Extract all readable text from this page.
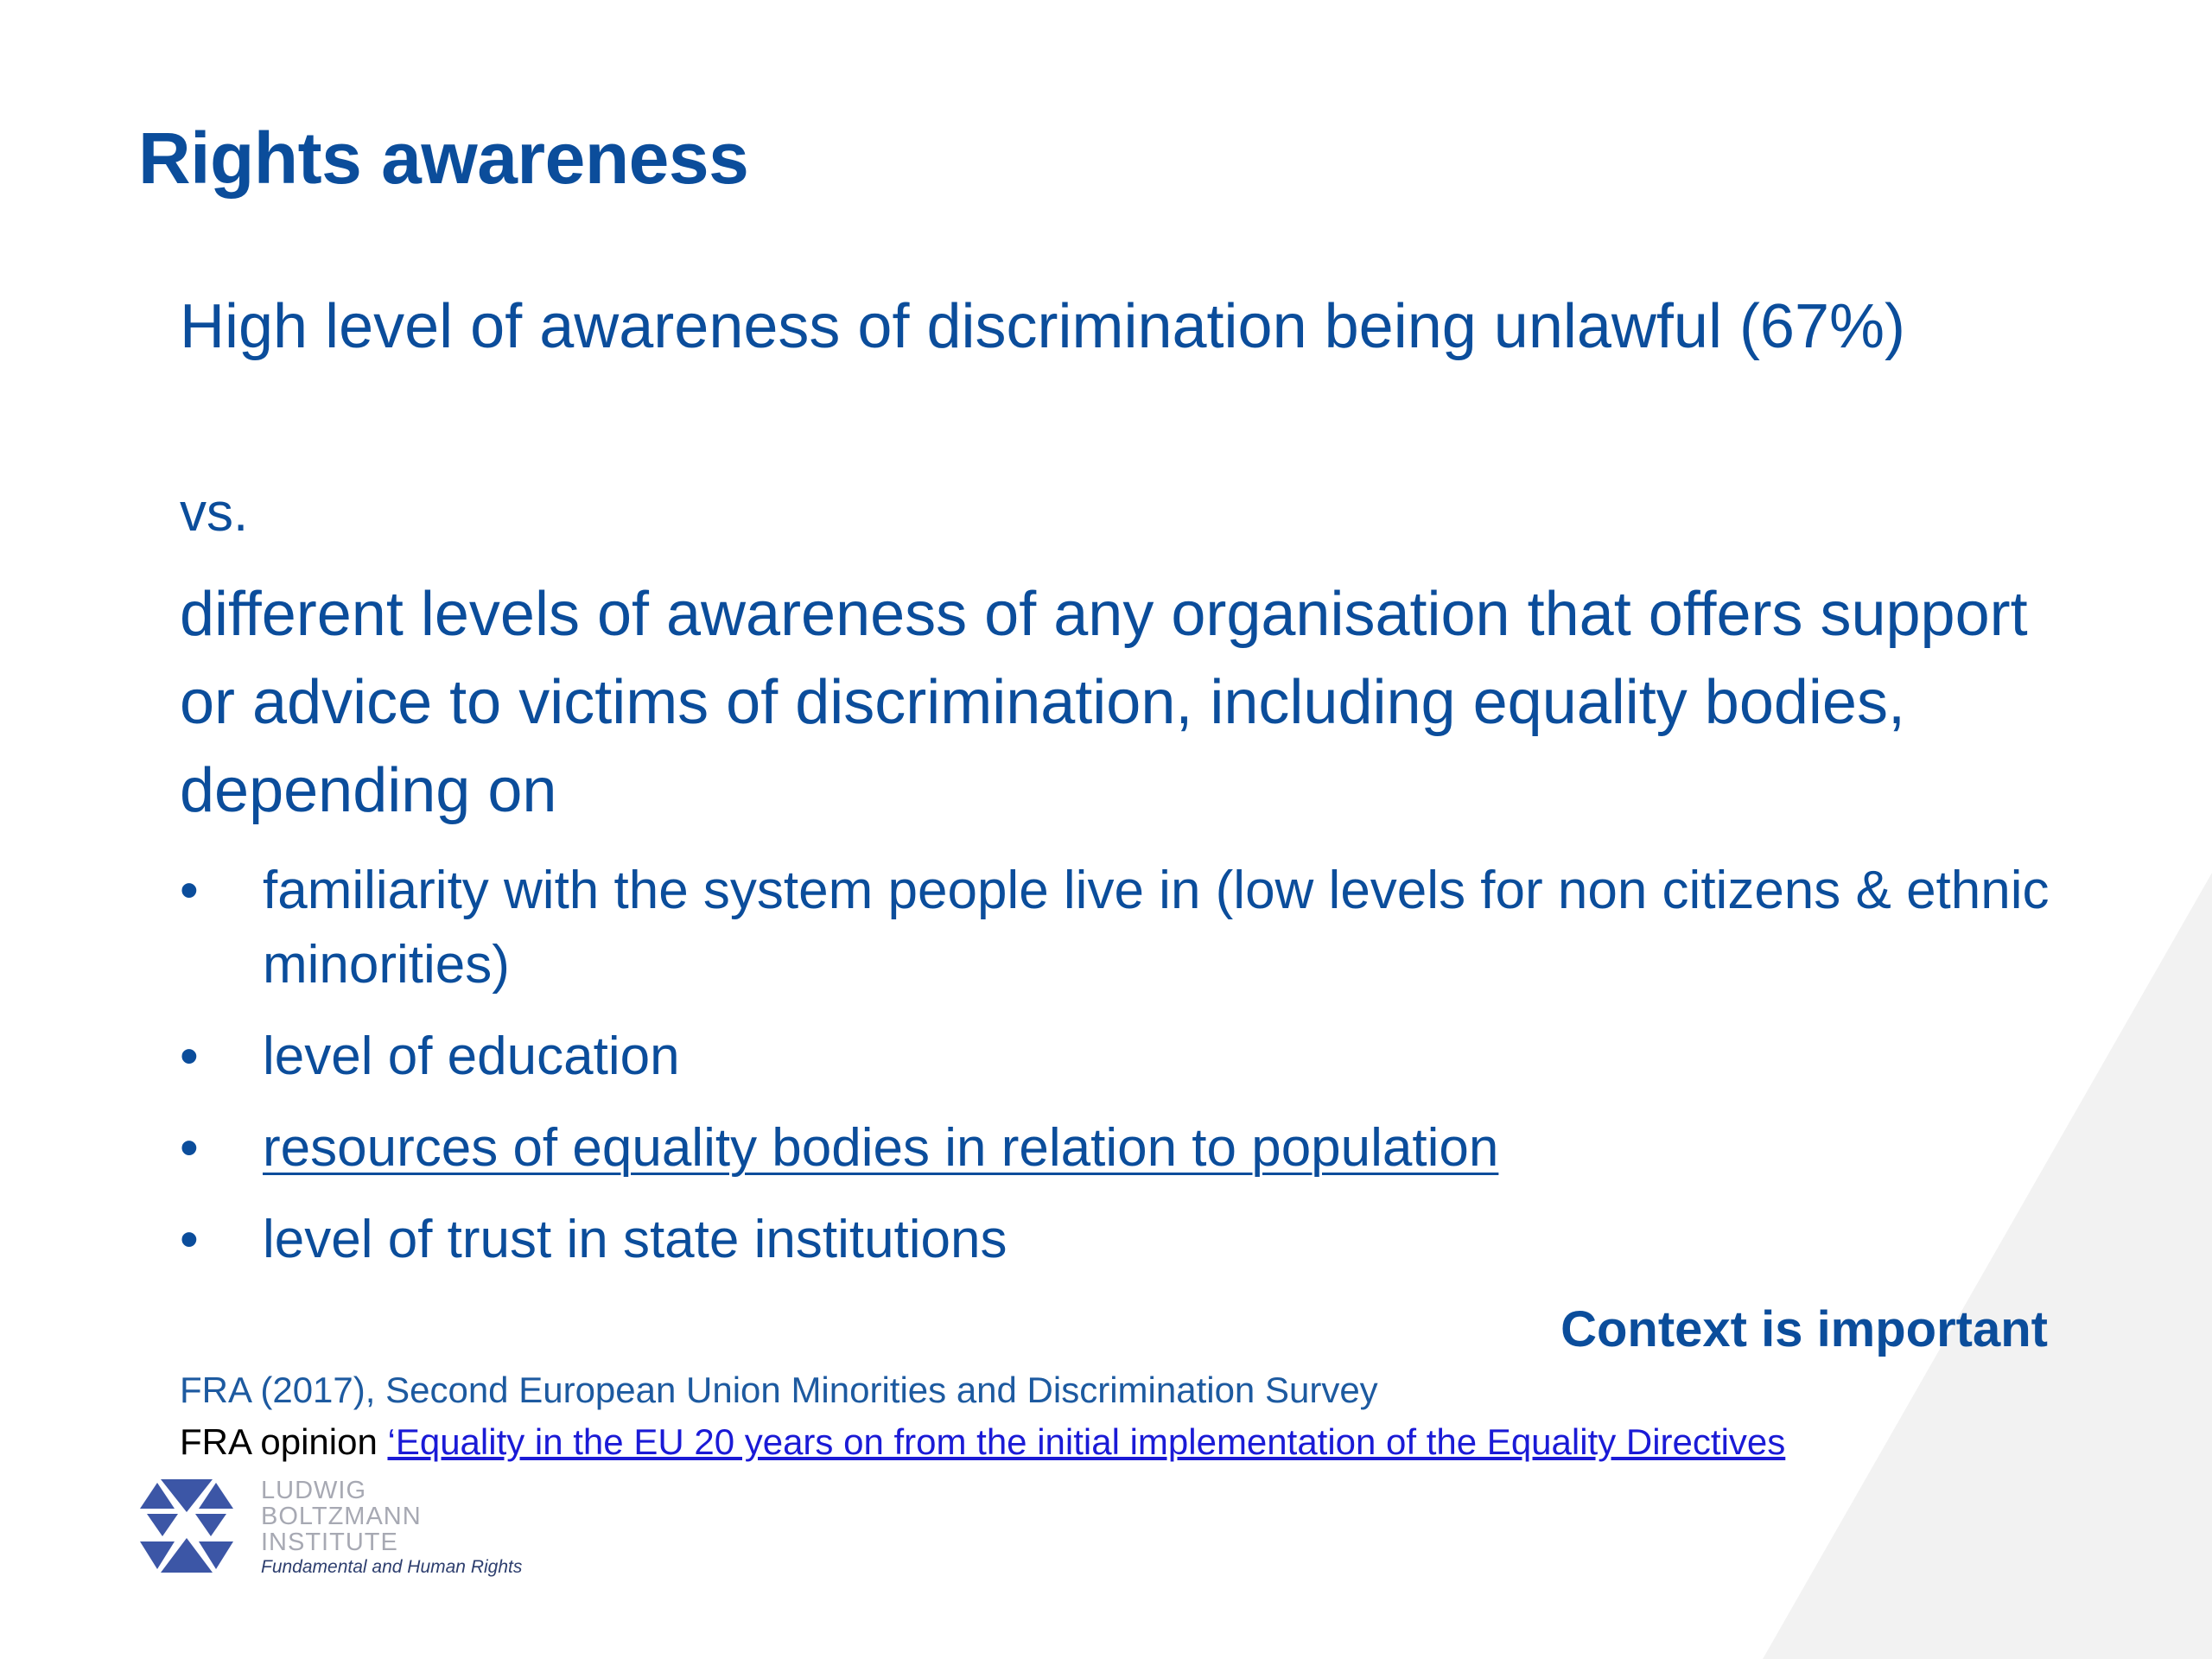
Rights awareness
High level of awareness of discrimination being unlawful (67%)
vs.
different levels of awareness of any organisation that offers support or advice to victims of discrimination, including equality bodies, depending on
• familiarity with the system people live in (low levels for non citizens & ethnic minorities)
• level of education
• resources of equality bodies in relation to population
• level of trust in state institutions
Context is important
FRA (2017), Second European Union Minorities and Discrimination Survey
FRA opinion ‘Equality in the EU 20 years on from the initial implementation of the Equality Directives
LUDWIG
BOLTZMANN
INSTITUTE
Fundamental and Human Rights
